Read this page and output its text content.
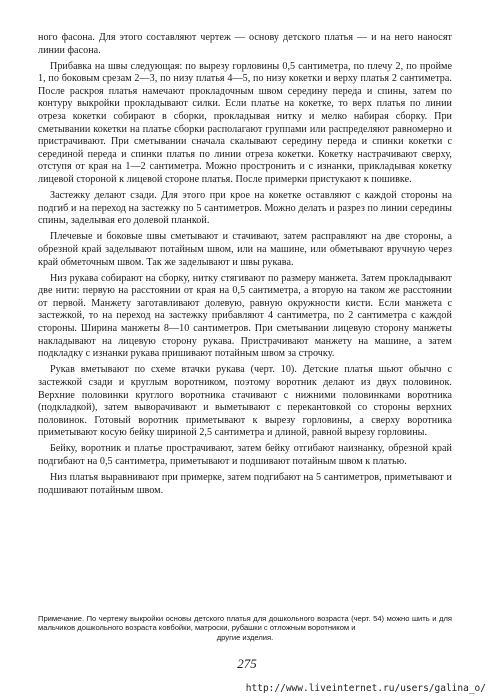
ного фасона. Для этого составляют чертеж — основу детского платья — и на него наносят линии фасона.

Прибавка на швы следующая: по вырезу горловины 0,5 сантиметра, по плечу 2, по пройме 1, по боковым срезам 2—3, по низу платья 4—5, по низу кокетки и верху платья 2 сантиметра. После раскроя платья намечают прокладочным швом середину переда и спины, затем по контуру выкройки прокладывают силки. Если платье на кокетке, то верх платья по линии отреза кокетки собирают в сборки, прокладывая нитку и мелко набирая сборку. При сметывании кокетки на платье сборки располагают группами или распределяют равномерно и пристрачивают. При сметывании сначала скалывают середину переда и спинки кокетки с серединой переда и спинки платья по линии отреза кокетки. Кокетку настрачивают сверху, отступя от края на 1—2 сантиметра. Можно простронить и с изнанки, прикладывая кокетку лицевой стороной к лицевой стороне платья. После примерки пристукают к пошивке.

Застежку делают сзади. Для этого при крое на кокетке оставляют с каждой стороны на подгиб и на переход на застежку по 5 сантиметров. Можно делать и разрез по линии середины спины, заделывая его долевой планкой.

Плечевые и боковые швы сметывают и стачивают, затем расправляют на две стороны, а обрезной край заделывают потайным швом, или на машине, или обметывают вручную через край обметочным швом. Так же заделывают и швы рукава.

Низ рукава собирают на сборку, нитку стягивают по размеру манжета. Затем прокладывают две нити: первую на расстоянии от края на 0,5 сантиметра, а вторую на таком же расстоянии от первой. Манжету заготавливают долевую, равную окружности кисти. Если манжета с застежкой, то на переход на застежку прибавляют 4 сантиметра, по 2 сантиметра с каждой стороны. Ширина манжеты 8—10 сантиметров. При сметывании лицевую сторону манжеты накладывают на лицевую сторону рукава. Пристрачивают манжету на машине, а затем подкладку с изнанки рукава пришивают потайным швом за строчку.

Рукав вметывают по схеме втачки рукава (черт. 10). Детские платья шьют обычно с застежкой сзади и круглым воротником, поэтому воротник делают из двух половинок. Верхние половинки круглого воротника стачивают с нижними половинками воротника (подкладкой), затем выворачивают и выметывают с перекантовкой со стороны верхних половинок. Готовый воротник приметывают к вырезу горловины, а сверху воротника приметывают косую бейку шириной 2,5 сантиметра и длиной, равной вырезу горловины.

Бейку, воротник и платье прострачивают, затем бейку отгибают наизнанку, обрезной край подгибают на 0,5 сантиметра, приметывают и подшивают потайным швом к платью.

Низ платья выравнивают при примерке, затем подгибают на 5 сантиметров, приметывают и подшивают потайным швом.

Примечание. По чертежу выкройки основы детского платья для дошкольного возраста (черт. 54) можно шить и для мальчиков дошкольного возраста ковбойки, матроски, рубашки с отложным воротником и
другие изделия.
275
http://www.liveinternet.ru/users/galina_o/
